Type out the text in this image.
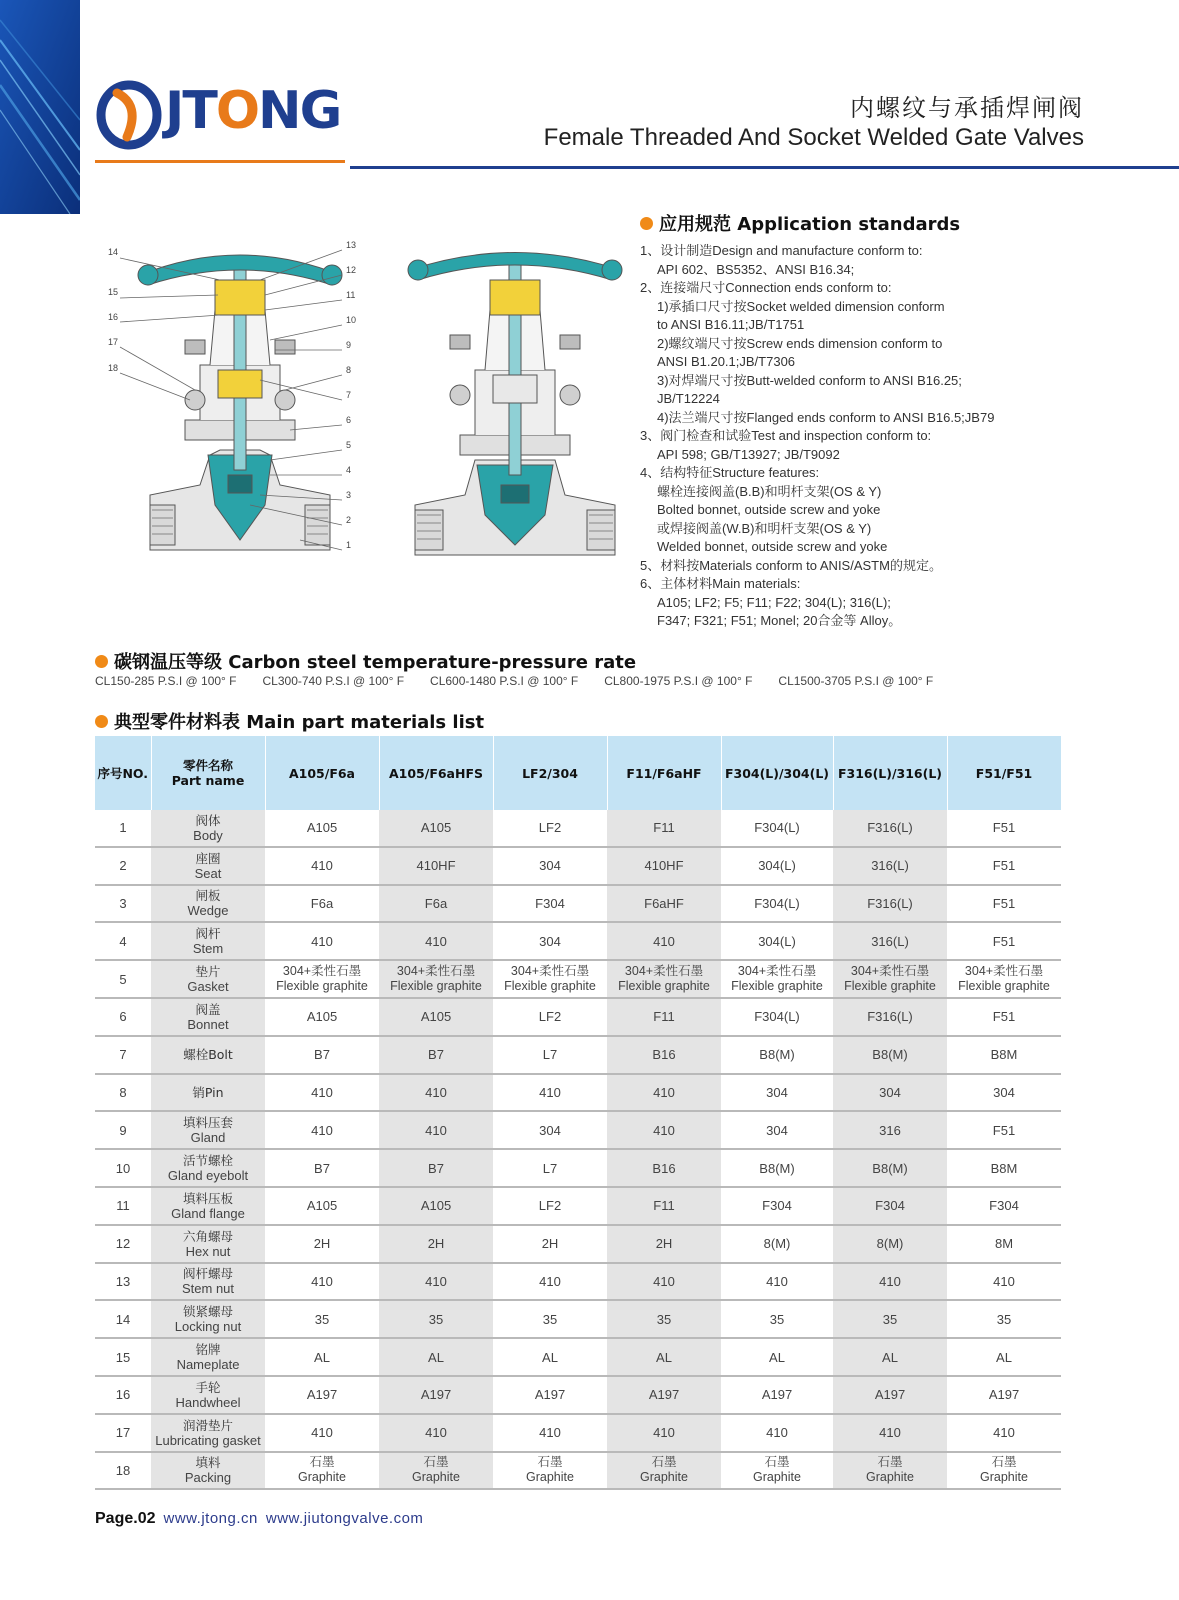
JTONG	内螺纹与承插焊闸阀
Female Threaded And Socket Welded Gate Valves
14
15
16
17
18
13
12
11
10
9
8
7
6
5
4
3
2
1
应用规范 Application standards
1、设计制造Design and manufacture conform to:
API 602、BS5352、ANSI B16.34;
2、连接端尺寸Connection ends conform to:
1)承插口尺寸按Socket welded dimension conform
to ANSI B16.11;JB/T1751
2)螺纹端尺寸按Screw ends dimension conform to
ANSI B1.20.1;JB/T7306
3)对焊端尺寸按Butt-welded conform to ANSI B16.25;
JB/T12224
4)法兰端尺寸按Flanged ends conform to ANSI B16.5;JB79
3、阀门检查和试验Test and inspection conform to:
API 598; GB/T13927; JB/T9092
4、结构特征Structure features:
螺栓连接阀盖(B.B)和明杆支架(OS & Y)
Bolted bonnet, outside screw and yoke
或焊接阀盖(W.B)和明杆支架(OS & Y)
Welded bonnet, outside screw and yoke
5、材料按Materials conform to ANIS/ASTM的规定。
6、主体材料Main materials:
A105; LF2; F5; F11; F22; 304(L); 316(L);
F347; F321; F51; Monel; 20合金等 Alloy。
碳钢温压等级 Carbon steel temperature-pressure rate
CL150-285 P.S.I @ 100° F CL300-740 P.S.I @ 100° F CL600-1480 P.S.I @ 100° F CL800-1975 P.S.I @ 100° F CL1500-3705 P.S.I @ 100° F
典型零件材料表 Main part materials list
序号NO.	零件名称
Part name	A105/F6a	A105/F6aHFS	LF2/304	F11/F6aHF	F304(L)/304(L)	F316(L)/316(L)	F51/F51
1	阀体
Body	A105	A105	LF2	F11	F304(L)	F316(L)	F51
2	座圈
Seat	410	410HF	304	410HF	304(L)	316(L)	F51
3	闸板
Wedge	F6a	F6a	F304	F6aHF	F304(L)	F316(L)	F51
4	阀杆
Stem	410	410	304	410	304(L)	316(L)	F51
5	垫片
Gasket	304+柔性石墨
Flexible graphite	304+柔性石墨
Flexible graphite	304+柔性石墨
Flexible graphite	304+柔性石墨
Flexible graphite	304+柔性石墨
Flexible graphite	304+柔性石墨
Flexible graphite	304+柔性石墨
Flexible graphite

6	阀盖
Bonnet	A105	A105	LF2	F11	F304(L)	F316(L)	F51
7	螺栓Bolt	B7	B7	L7	B16	B8(M)	B8(M)	B8M
8	销Pin	410	410	410	410	304	304	304
9	填料压套
Gland	410	410	304	410	304	316	F51
10	活节螺栓
Gland eyebolt	B7	B7	L7	B16	B8(M)	B8(M)	B8M
11	填料压板
Gland flange	A105	A105	LF2	F11	F304	F304	F304
12	六角螺母
Hex nut	2H	2H	2H	2H	8(M)	8(M)	8M
13	阀杆螺母
Stem nut	410	410	410	410	410	410	410
14	锁紧螺母
Locking nut	35	35	35	35	35	35	35
15	铭牌
Nameplate	AL	AL	AL	AL	AL	AL	AL
16	手轮
Handwheel	A197	A197	A197	A197	A197	A197	A197
17	润滑垫片
Lubricating gasket	410	410	410	410	410	410	410
18	填料
Packing	石墨
Graphite	石墨
Graphite	石墨
Graphite	石墨
Graphite	石墨
Graphite	石墨
Graphite	石墨
Graphite
Page.02 www.jtong.cn www.jiutongvalve.com
